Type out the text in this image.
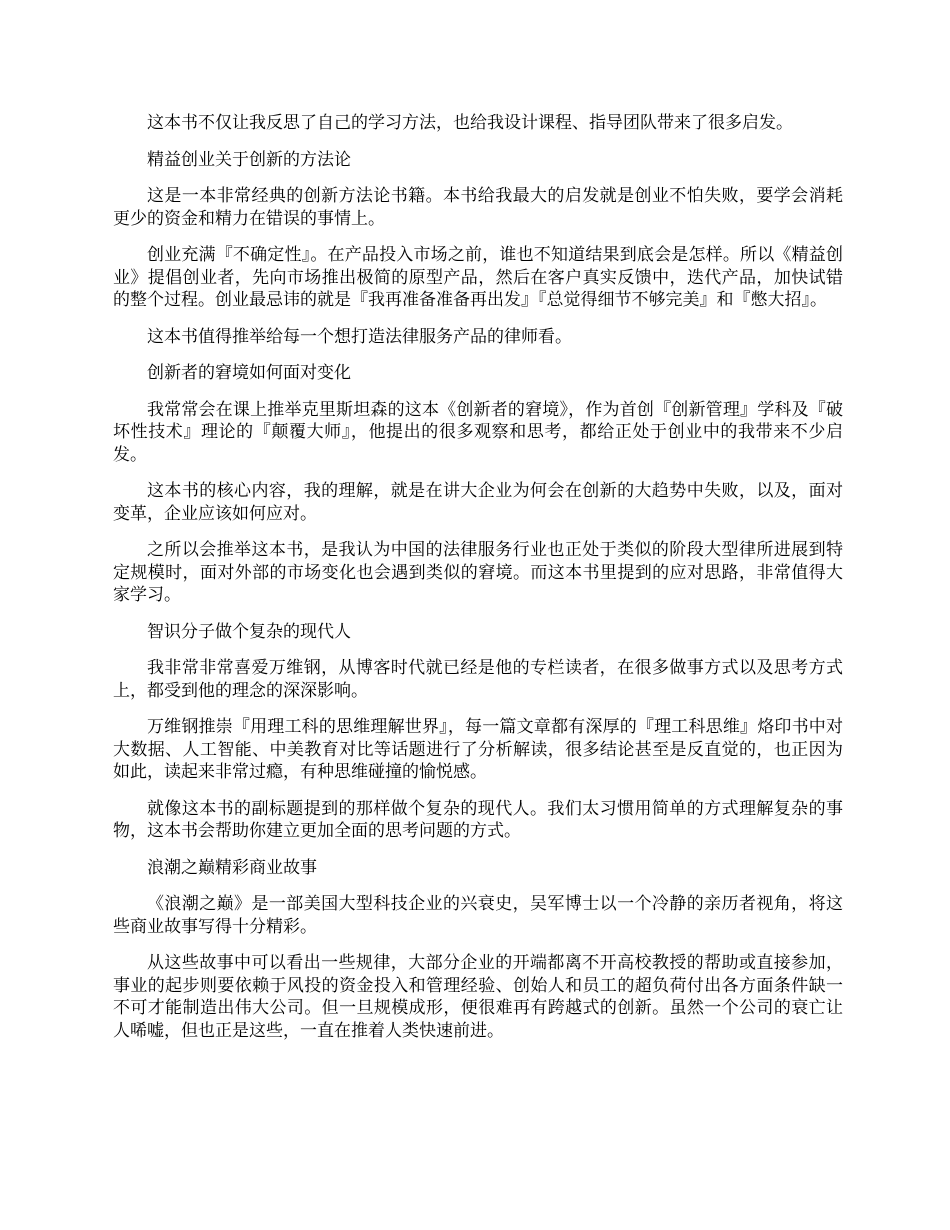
这本书不仅让我反思了自己的学习方法，也给我设计课程、指导团队带来了很多启发。

精益创业关于创新的方法论

这是一本非常经典的创新方法论书籍。本书给我最大的启发就是创业不怕失败，要学会消耗更少的资金和精力在错误的事情上。

创业充满『不确定性』。在产品投入市场之前，谁也不知道结果到底会是怎样。所以《精益创业》提倡创业者，先向市场推出极简的原型产品，然后在客户真实反馈中，迭代产品，加快试错的整个过程。创业最忌讳的就是『我再准备准备再出发』『总觉得细节不够完美』和『憋大招』。

这本书值得推举给每一个想打造法律服务产品的律师看。

创新者的窘境如何面对变化

我常常会在课上推举克里斯坦森的这本《创新者的窘境》，作为首创『创新管理』学科及『破坏性技术』理论的『颠覆大师』，他提出的很多观察和思考，都给正处于创业中的我带来不少启发。

这本书的核心内容，我的理解，就是在讲大企业为何会在创新的大趋势中失败，以及，面对变革，企业应该如何应对。

之所以会推举这本书，是我认为中国的法律服务行业也正处于类似的阶段大型律所进展到特定规模时，面对外部的市场变化也会遇到类似的窘境。而这本书里提到的应对思路，非常值得大家学习。

智识分子做个复杂的现代人

我非常非常喜爱万维钢，从博客时代就已经是他的专栏读者，在很多做事方式以及思考方式上，都受到他的理念的深深影响。

万维钢推崇『用理工科的思维理解世界』，每一篇文章都有深厚的『理工科思维』烙印书中对大数据、人工智能、中美教育对比等话题进行了分析解读，很多结论甚至是反直觉的，也正因为如此，读起来非常过瘾，有种思维碰撞的愉悦感。

就像这本书的副标题提到的那样做个复杂的现代人。我们太习惯用简单的方式理解复杂的事物，这本书会帮助你建立更加全面的思考问题的方式。

浪潮之巅精彩商业故事

《浪潮之巅》是一部美国大型科技企业的兴衰史，吴军博士以一个冷静的亲历者视角，将这些商业故事写得十分精彩。

从这些故事中可以看出一些规律，大部分企业的开端都离不开高校教授的帮助或直接参加，事业的起步则要依赖于风投的资金投入和管理经验、创始人和员工的超负荷付出各方面条件缺一不可才能制造出伟大公司。但一旦规模成形，便很难再有跨越式的创新。虽然一个公司的衰亡让人唏嘘，但也正是这些，一直在推着人类快速前进。
